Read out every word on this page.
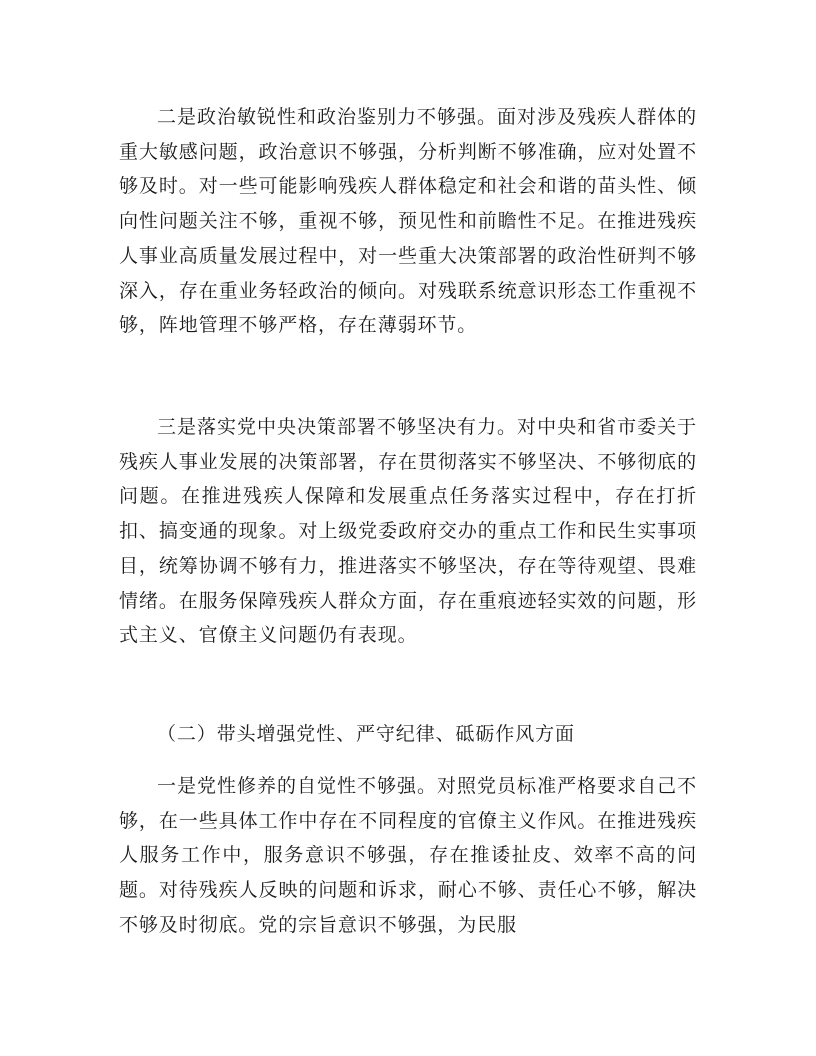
二是政治敏锐性和政治鉴别力不够强。面对涉及残疾人群体的重大敏感问题，政治意识不够强，分析判断不够准确，应对处置不够及时。对一些可能影响残疾人群体稳定和社会和谐的苗头性、倾向性问题关注不够，重视不够，预见性和前瞻性不足。在推进残疾人事业高质量发展过程中，对一些重大决策部署的政治性研判不够深入，存在重业务轻政治的倾向。对残联系统意识形态工作重视不够，阵地管理不够严格，存在薄弱环节。

三是落实党中央决策部署不够坚决有力。对中央和省市委关于残疾人事业发展的决策部署，存在贯彻落实不够坚决、不够彻底的问题。在推进残疾人保障和发展重点任务落实过程中，存在打折扣、搞变通的现象。对上级党委政府交办的重点工作和民生实事项目，统筹协调不够有力，推进落实不够坚决，存在等待观望、畏难情绪。在服务保障残疾人群众方面，存在重痕迹轻实效的问题，形式主义、官僚主义问题仍有表现。

（二）带头增强党性、严守纪律、砥砺作风方面

一是党性修养的自觉性不够强。对照党员标准严格要求自己不够，在一些具体工作中存在不同程度的官僚主义作风。在推进残疾人服务工作中，服务意识不够强，存在推诿扯皮、效率不高的问题。对待残疾人反映的问题和诉求，耐心不够、责任心不够，解决不够及时彻底。党的宗旨意识不够强，为民服
